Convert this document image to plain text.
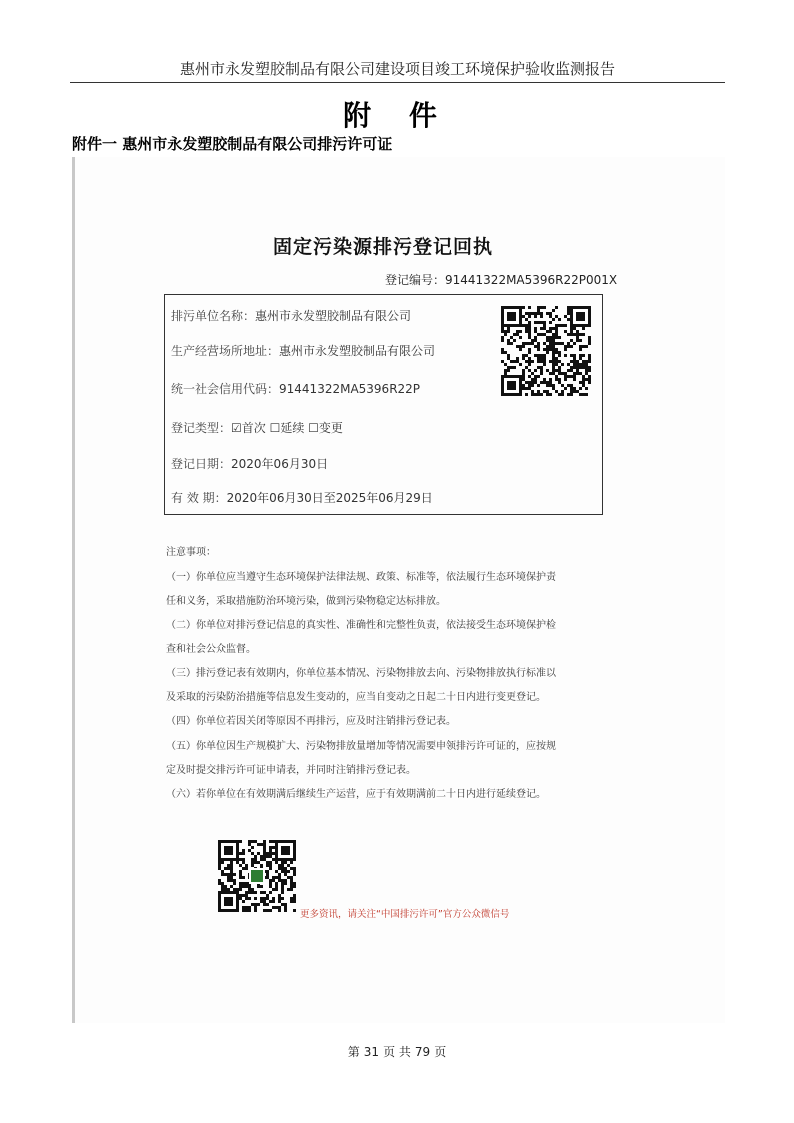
惠州市永发塑胶制品有限公司建设项目竣工环境保护验收监测报告
附 件
附件一 惠州市永发塑胶制品有限公司排污许可证
固定污染源排污登记回执
登记编号：91441322MA5396R22P001X
排污单位名称：惠州市永发塑胶制品有限公司
生产经营场所地址：惠州市永发塑胶制品有限公司
统一社会信用代码：91441322MA5396R22P
登记类型：☑首次 ☐延续 ☐变更
登记日期：2020年06月30日
有 效 期：2020年06月30日至2025年06月29日
注意事项：
（一）你单位应当遵守生态环境保护法律法规、政策、标准等，依法履行生态环境保护责
任和义务，采取措施防治环境污染，做到污染物稳定达标排放。
（二）你单位对排污登记信息的真实性、准确性和完整性负责，依法接受生态环境保护检
查和社会公众监督。
（三）排污登记表有效期内，你单位基本情况、污染物排放去向、污染物排放执行标准以
及采取的污染防治措施等信息发生变动的，应当自变动之日起二十日内进行变更登记。
（四）你单位若因关闭等原因不再排污，应及时注销排污登记表。
（五）你单位因生产规模扩大、污染物排放量增加等情况需要申领排污许可证的，应按规
定及时提交排污许可证申请表，并同时注销排污登记表。
（六）若你单位在有效期满后继续生产运营，应于有效期满前二十日内进行延续登记。
更多资讯，请关注“中国排污许可”官方公众微信号
第 31 页 共 79 页
